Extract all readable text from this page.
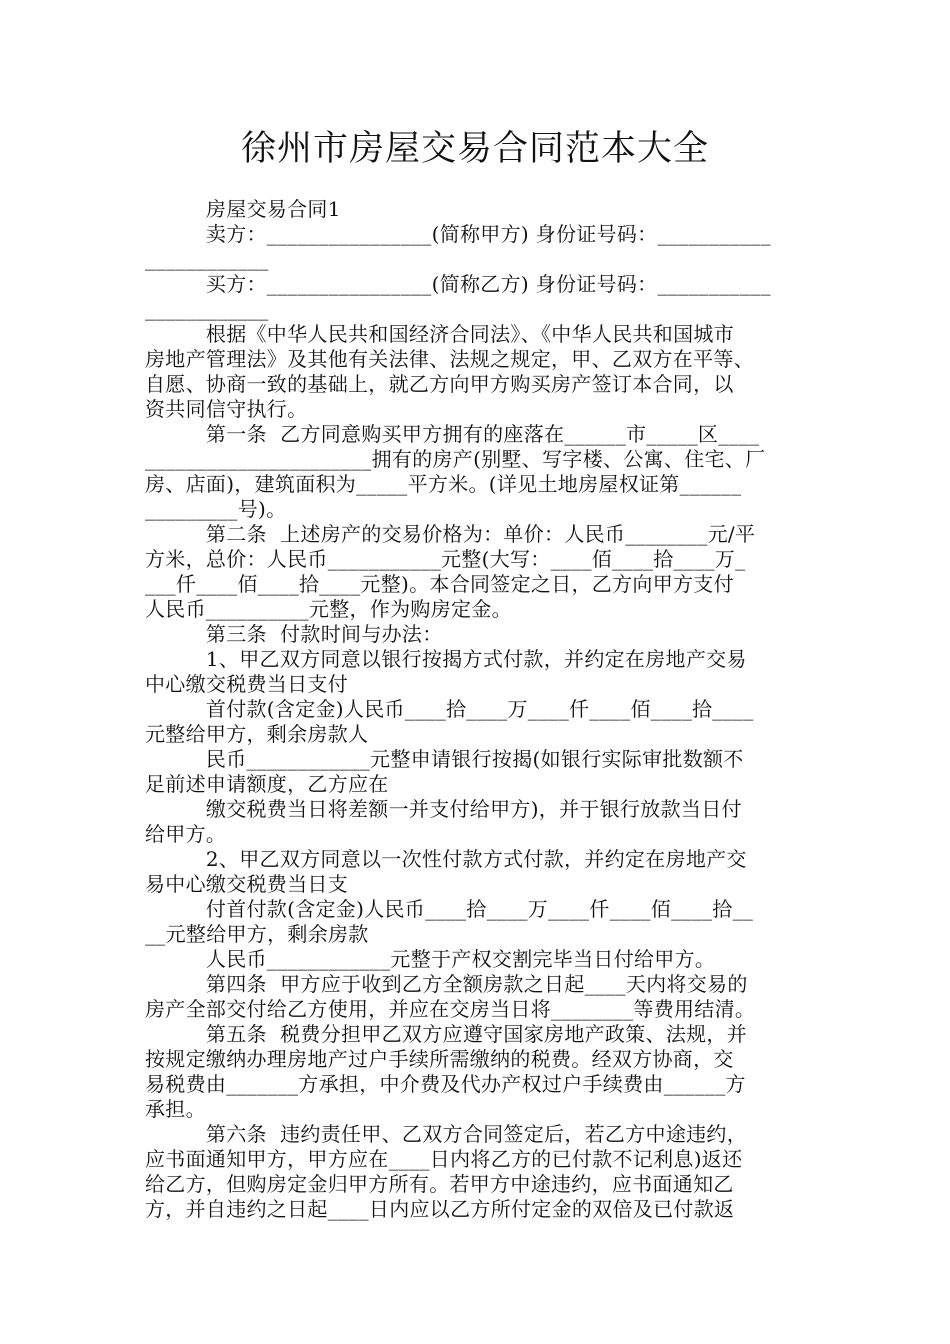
徐州市房屋交易合同范本大全
　　　房屋交易合同1
　　　卖方：________________(简称甲方) 身份证号码：___________
____________
　　　买方：________________(简称乙方) 身份证号码：___________
____________
　　　根据《中华人民共和国经济合同法》、《中华人民共和国城市
房地产管理法》及其他有关法律、法规之规定，甲、乙双方在平等、
自愿、协商一致的基础上，就乙方向甲方购买房产签订本合同，以
资共同信守执行。
　　　第一条  乙方同意购买甲方拥有的座落在______市_____区____
______________________拥有的房产(别墅、写字楼、公寓、住宅、厂
房、店面)，建筑面积为_____平方米。(详见土地房屋权证第______
_________号)。
　　　第二条  上述房产的交易价格为：单价：人民币________元/平
方米，总价：人民币___________元整(大写：____佰____拾____万_
___仟____佰____拾____元整)。本合同签定之日，乙方向甲方支付
人民币__________元整，作为购房定金。
　　　第三条  付款时间与办法：
　　　1、甲乙双方同意以银行按揭方式付款，并约定在房地产交易
中心缴交税费当日支付
　　　首付款(含定金)人民币____拾____万____仟____佰____拾____
元整给甲方，剩余房款人
　　　民币____________元整申请银行按揭(如银行实际审批数额不
足前述申请额度，乙方应在
　　　缴交税费当日将差额一并支付给甲方)，并于银行放款当日付
给甲方。
　　　2、甲乙双方同意以一次性付款方式付款，并约定在房地产交
易中心缴交税费当日支
　　　付首付款(含定金)人民币____拾____万____仟____佰____拾__
__元整给甲方，剩余房款
　　　人民币____________元整于产权交割完毕当日付给甲方。
　　　第四条  甲方应于收到乙方全额房款之日起____天内将交易的
房产全部交付给乙方使用，并应在交房当日将________等费用结清。
　　　第五条  税费分担甲乙双方应遵守国家房地产政策、法规，并
按规定缴纳办理房地产过户手续所需缴纳的税费。经双方协商，交
易税费由_______方承担，中介费及代办产权过户手续费由______方
承担。
　　　第六条  违约责任甲、乙双方合同签定后，若乙方中途违约，
应书面通知甲方，甲方应在____日内将乙方的已付款不记利息)返还
给乙方，但购房定金归甲方所有。若甲方中途违约，应书面通知乙
方，并自违约之日起____日内应以乙方所付定金的双倍及已付款返
